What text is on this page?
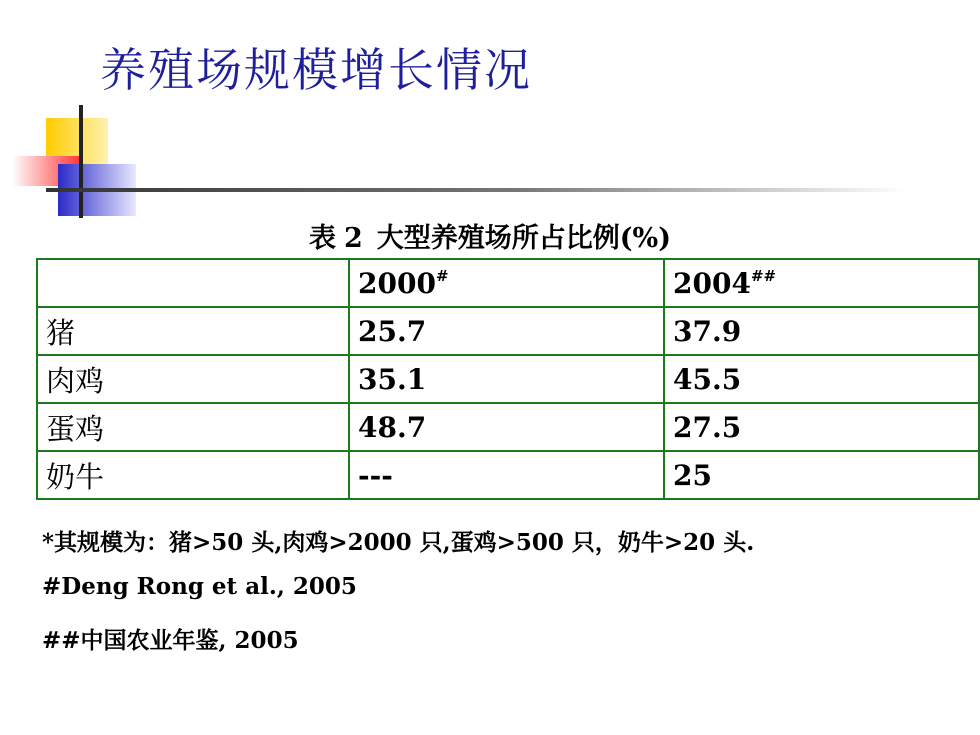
养殖场规模增长情况
表 2 大型养殖场所占比例(%)
	2000#	2004##
猪	25.7	37.9
肉鸡	35.1	45.5
蛋鸡	48.7	27.5
奶牛	---	25
*其规模为：猪>50 头,肉鸡>2000 只,蛋鸡>500 只，奶牛>20 头.
#Deng Rong et al., 2005
##中国农业年鉴, 2005
